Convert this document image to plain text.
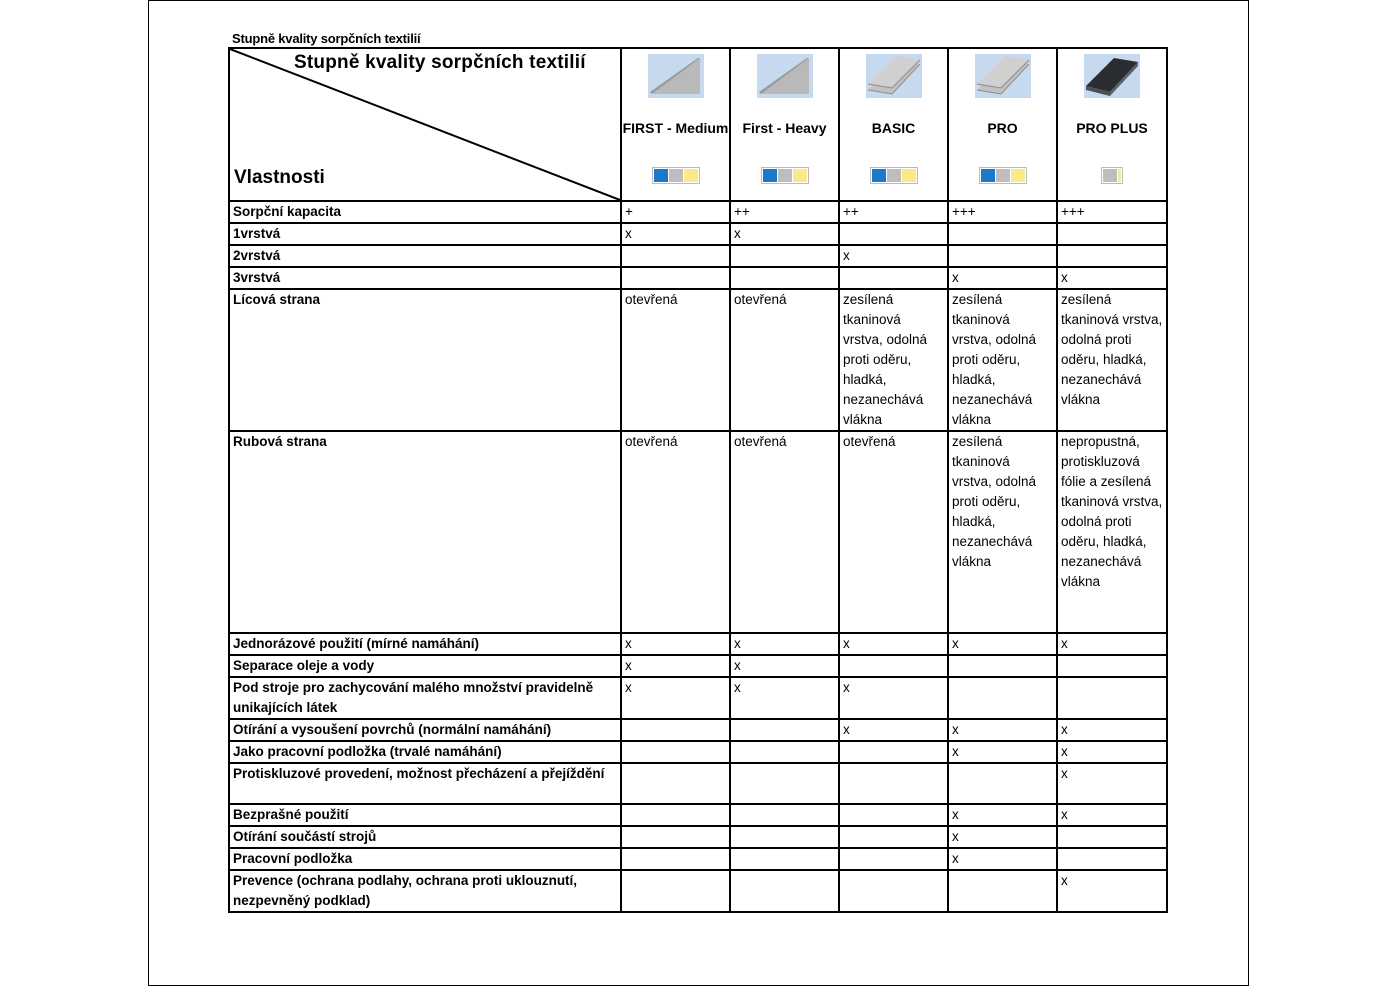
Stupně kvality sorpčních textilií
Stupně kvality sorpčních textilií
Vlastnosti	FIRST - Medium	First - Heavy	BASIC	PRO	PRO PLUS

Sorpční kapacita	+	++	++	+++	+++
1vrstvá	x	x			
2vrstvá			x		
3vrstvá				x	x
Lícová strana	otevřená	otevřená	zesílená tkaninová vrstva, odolná proti oděru, hladká, nezanechává vlákna	zesílená tkaninová vrstva, odolná proti oděru, hladká, nezanechává vlákna	zesílená tkaninová vrstva, odolná proti oděru, hladká, nezanechává vlákna
Rubová strana	otevřená	otevřená	otevřená	zesílená tkaninová vrstva, odolná proti oděru, hladká, nezanechává vlákna	nepropustná, protiskluzová fólie a zesílená tkaninová vrstva, odolná proti oděru, hladká, nezanechává vlákna
Jednorázové použití (mírné namáhání)	x	x	x	x	x
Separace oleje a vody	x	x			
Pod stroje pro zachycování malého množství pravidelně unikajících látek	x	x	x		
Otírání a vysoušení povrchů (normální namáhání)			x	x	x
Jako pracovní podložka (trvalé namáhání)				x	x
Protiskluzové provedení, možnost přecházení a přejíždění					x
Bezprašné použití				x	x
Otírání součástí strojů				x	
Pracovní podložka				x	
Prevence (ochrana podlahy, ochrana proti uklouznutí, nezpevněný podklad)					x
